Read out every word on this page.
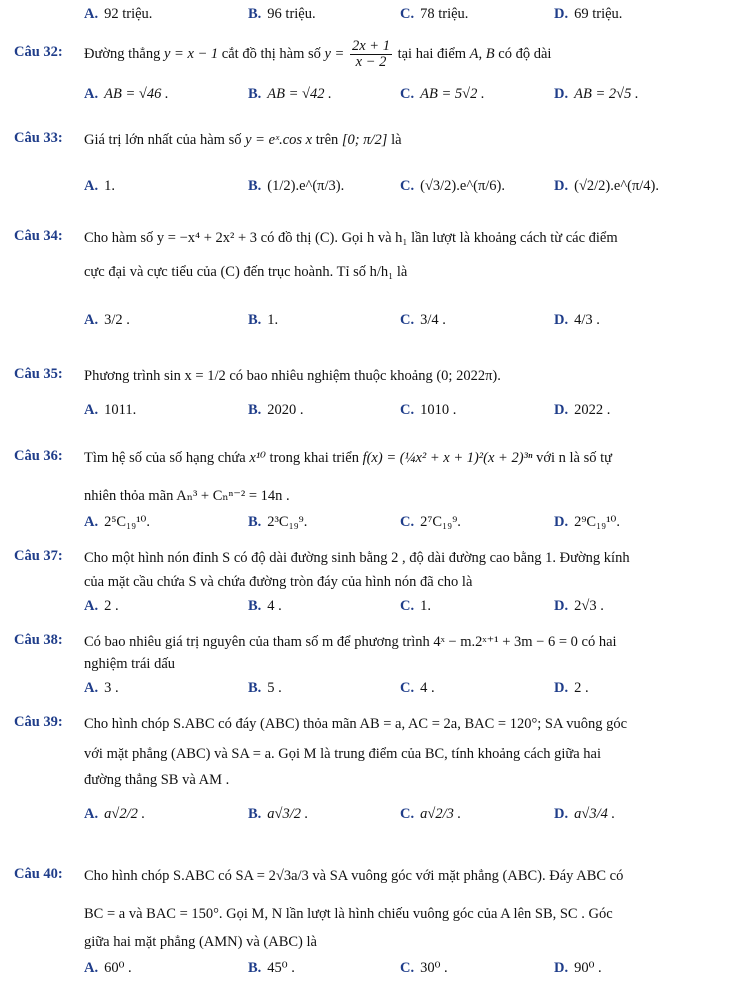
A. 92 triệu.	B. 96 triệu.	C. 78 triệu.	D. 69 triệu.
Câu 32: Đường thẳng y = x − 1 cắt đồ thị hàm số $y = \frac{2x + 1}{x - 2}$ tại hai điểm A, B có độ dài
A. AB = √46 .	B. AB = √42 .	C. AB = 5√2 .	D. AB = 2√5 .
Câu 33: Giá trị lớn nhất của hàm số y = eˣ.cos x trên [0; π/2] là
A. 1.	B. (1/2).e^(π/3).	C. (√3/2).e^(π/6).	D. (√2/2).e^(π/4).
Câu 34: Cho hàm số y = −x⁴ + 2x² + 3 có đồ thị (C). Gọi h và h₁ lần lượt là khoảng cách từ các điểm
cực đại và cực tiểu của (C) đến trục hoành. Tỉ số h/h₁ là
A. 3/2 .	B. 1.	C. 3/4 .	D. 4/3 .
Câu 35: Phương trình sin x = 1/2 có bao nhiêu nghiệm thuộc khoảng (0; 2022π).
A. 1011.	B. 2020 .	C. 1010 .	D. 2022 .
Câu 36: Tìm hệ số của số hạng chứa x¹⁰ trong khai triển f(x) = (¼x² + x + 1)²(x + 2)³ⁿ với n là số tự
nhiên thỏa mãn Aₙ³ + Cₙⁿ⁻² = 14n .
A. 2⁵C₁₉¹⁰.	B. 2³C₁₉⁹.	C. 2⁷C₁₉⁹.	D. 2⁹C₁₉¹⁰.
Câu 37: Cho một hình nón đỉnh S có độ dài đường sinh bằng 2 , độ dài đường cao bằng 1. Đường kính
của mặt cầu chứa S và chứa đường tròn đáy của hình nón đã cho là
A. 2 .	B. 4 .	C. 1.	D. 2√3 .
Câu 38: Có bao nhiêu giá trị nguyên của tham số m để phương trình 4ˣ − m.2ˣ⁺¹ + 3m − 6 = 0 có hai
nghiệm trái dấu
A. 3 .	B. 5 .	C. 4 .	D. 2 .
Câu 39: Cho hình chóp S.ABC có đáy (ABC) thỏa mãn AB = a, AC = 2a, BAC = 120°; SA vuông góc
với mặt phẳng (ABC) và SA = a. Gọi M là trung điểm của BC, tính khoảng cách giữa hai
đường thẳng SB và AM .
A. a√2/2 .	B. a√3/2 .	C. a√2/3 .	D. a√3/4 .
Câu 40: Cho hình chóp S.ABC có SA = 2√3a/3 và SA vuông góc với mặt phẳng (ABC). Đáy ABC có
BC = a và BAC = 150°. Gọi M, N lần lượt là hình chiếu vuông góc của A lên SB, SC . Góc
giữa hai mặt phẳng (AMN) và (ABC) là
A. 60⁰ .	B. 45⁰ .	C. 30⁰ .	D. 90⁰ .
